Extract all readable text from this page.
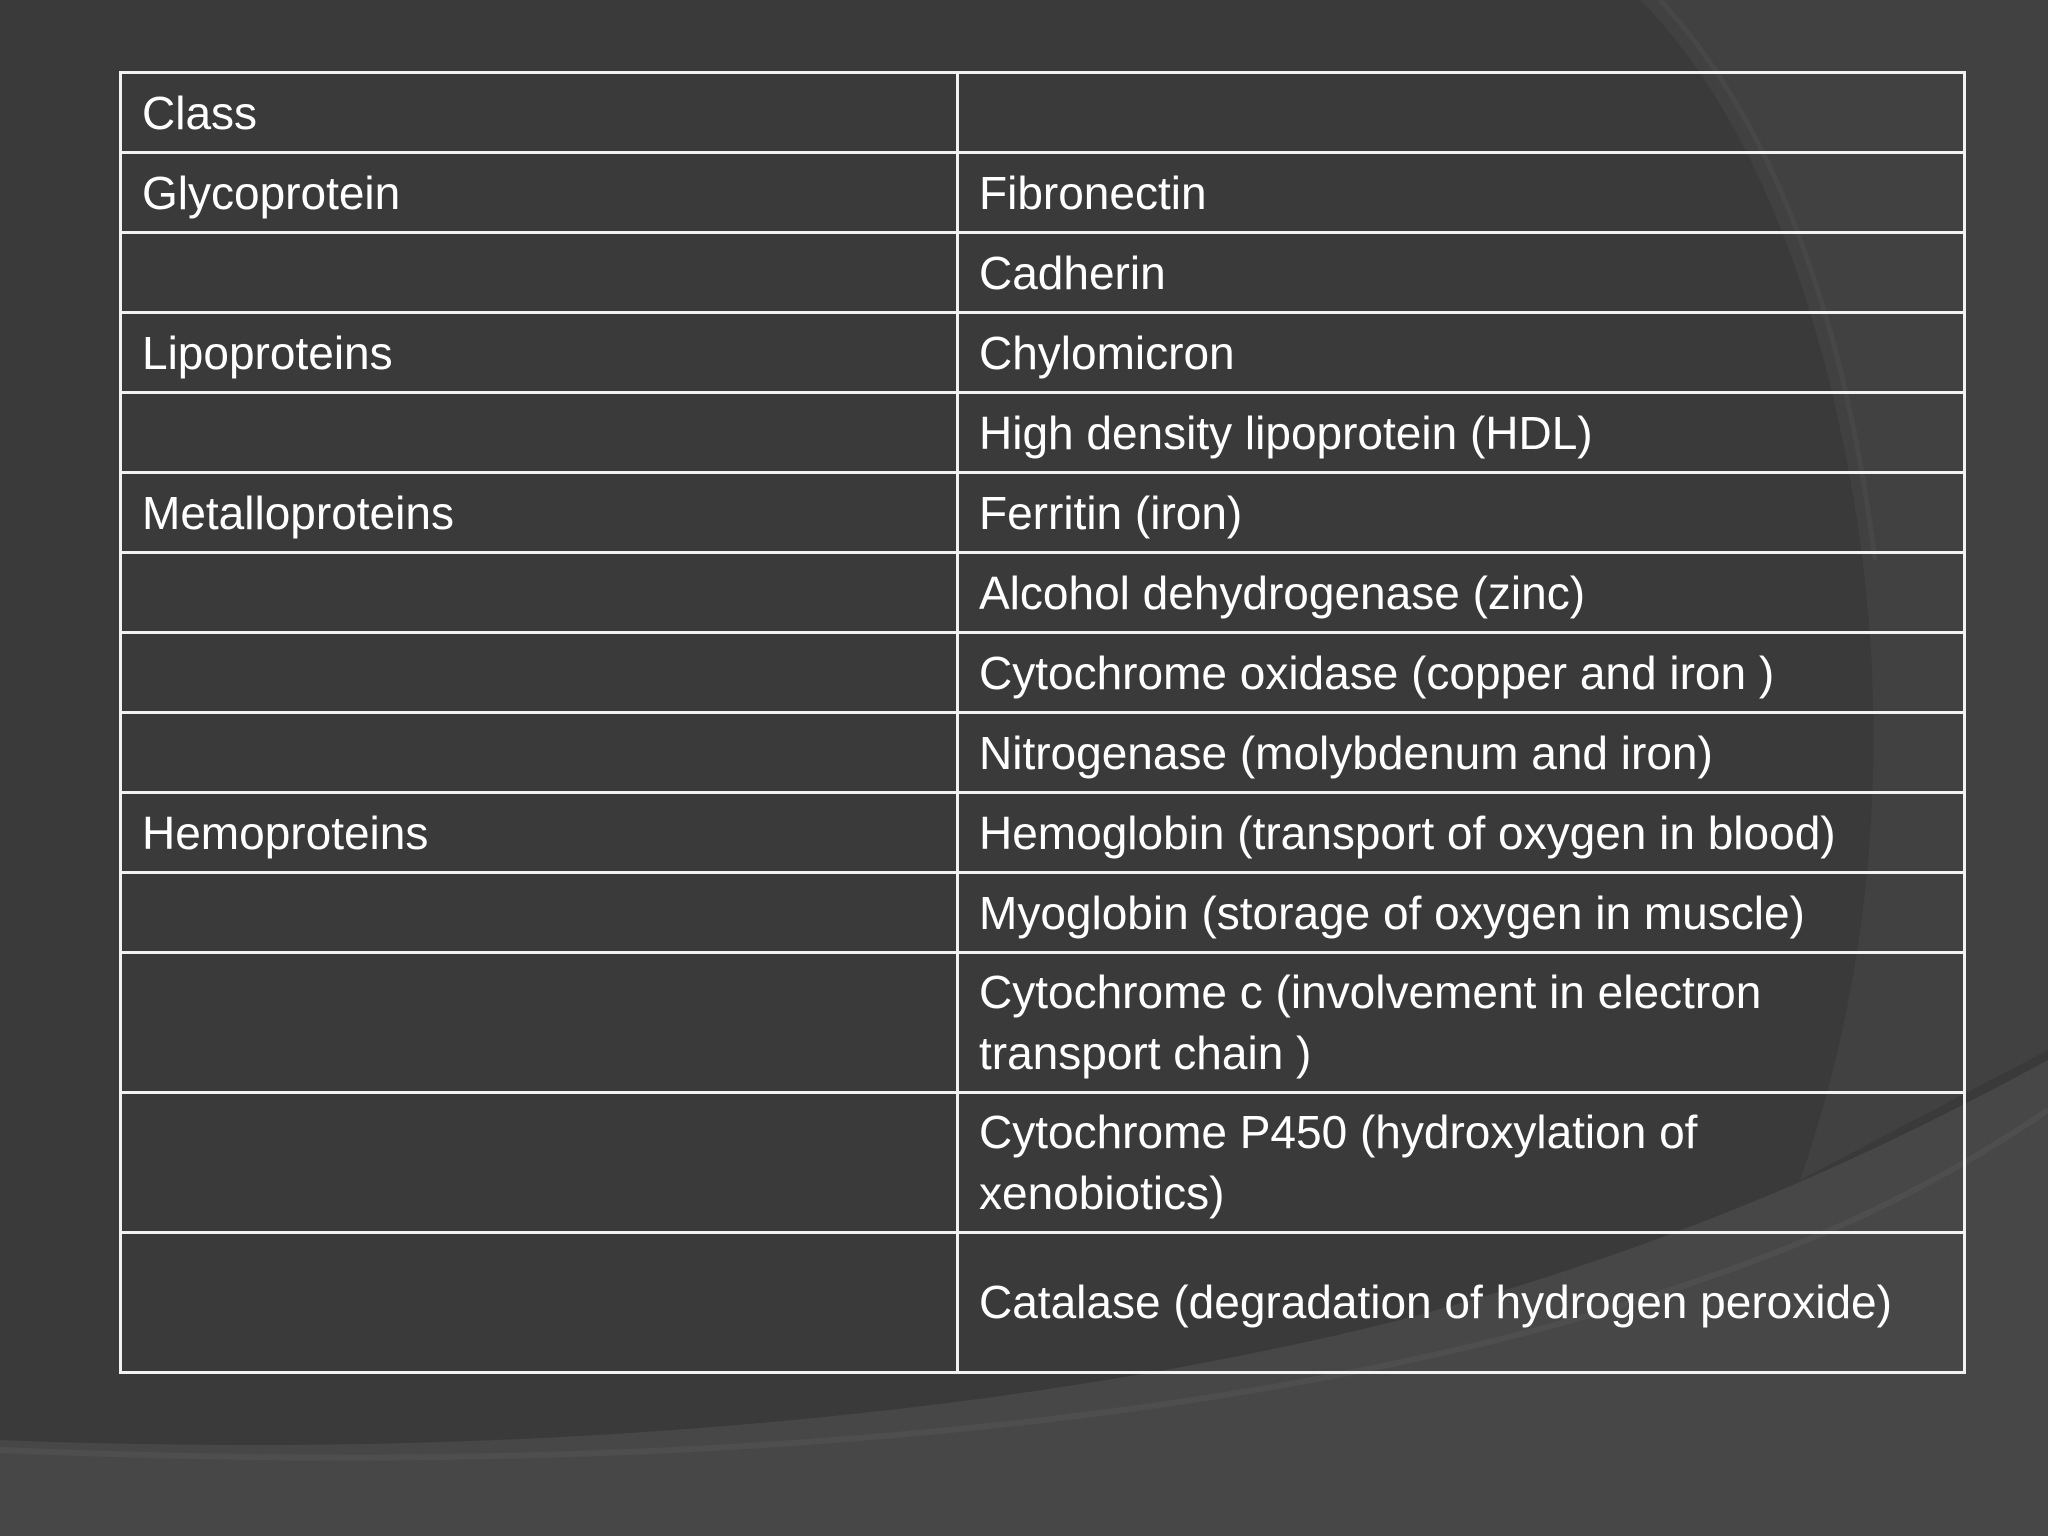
Class	
Glycoprotein	Fibronectin
	Cadherin
Lipoproteins	Chylomicron
	High density lipoprotein (HDL)
Metalloproteins	Ferritin (iron)
	Alcohol dehydrogenase (zinc)
	Cytochrome oxidase (copper and iron )
	Nitrogenase (molybdenum and iron)
Hemoproteins	Hemoglobin (transport of oxygen in blood)
	Myoglobin (storage of oxygen in muscle)
	Cytochrome c (involvement in electron transport chain )
	Cytochrome P450 (hydroxylation of xenobiotics)
	Catalase (degradation of hydrogen peroxide)
